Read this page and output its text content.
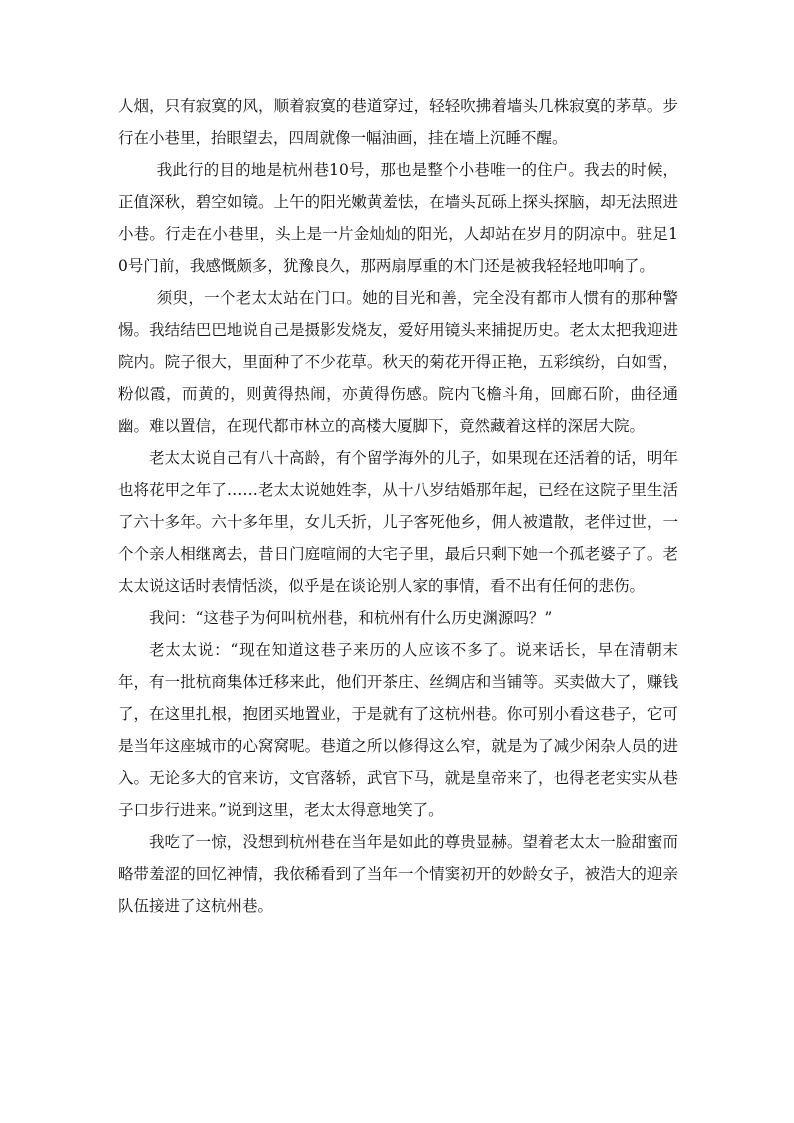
人烟，只有寂寞的风，顺着寂寞的巷道穿过，轻轻吹拂着墙头几株寂寞的茅草。步行在小巷里，抬眼望去，四周就像一幅油画，挂在墙上沉睡不醒。

我此行的目的地是杭州巷10号，那也是整个小巷唯一的住户。我去的时候，正值深秋，碧空如镜。上午的阳光嫩黄羞怯，在墙头瓦砾上探头探脑，却无法照进小巷。行走在小巷里，头上是一片金灿灿的阳光，人却站在岁月的阴凉中。驻足10号门前，我感慨颇多，犹豫良久，那两扇厚重的木门还是被我轻轻地叩响了。

须臾，一个老太太站在门口。她的目光和善，完全没有都市人惯有的那种警惕。我结结巴巴地说自己是摄影发烧友，爱好用镜头来捕捉历史。老太太把我迎进院内。院子很大，里面种了不少花草。秋天的菊花开得正艳，五彩缤纷，白如雪，粉似霞，而黄的，则黄得热闹，亦黄得伤感。院内飞檐斗角，回廊石阶，曲径通幽。难以置信，在现代都市林立的高楼大厦脚下，竟然藏着这样的深居大院。

老太太说自己有八十高龄，有个留学海外的儿子，如果现在还活着的话，明年也将花甲之年了……老太太说她姓李，从十八岁结婚那年起，已经在这院子里生活了六十多年。六十多年里，女儿夭折，儿子客死他乡，佣人被遣散，老伴过世，一个个亲人相继离去，昔日门庭喧闹的大宅子里，最后只剩下她一个孤老婆子了。老太太说这话时表情恬淡，似乎是在谈论别人家的事情，看不出有任何的悲伤。

我问：“这巷子为何叫杭州巷，和杭州有什么历史渊源吗？”

老太太说：“现在知道这巷子来历的人应该不多了。说来话长，早在清朝末年，有一批杭商集体迁移来此，他们开茶庄、丝绸店和当铺等。买卖做大了，赚钱了，在这里扎根，抱团买地置业，于是就有了这杭州巷。你可别小看这巷子，它可是当年这座城市的心窝窝呢。巷道之所以修得这么窄，就是为了减少闲杂人员的进入。无论多大的官来访，文官落轿，武官下马，就是皇帝来了，也得老老实实从巷子口步行进来。”说到这里，老太太得意地笑了。

我吃了一惊，没想到杭州巷在当年是如此的尊贵显赫。望着老太太一脸甜蜜而略带羞涩的回忆神情，我依稀看到了当年一个情窦初开的妙龄女子，被浩大的迎亲队伍接进了这杭州巷。
